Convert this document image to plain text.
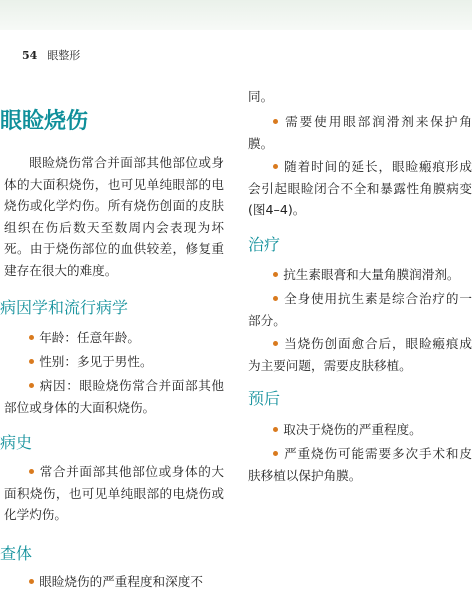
54 眼整形
眼睑烧伤
眼睑烧伤常合并面部其他部位或身体的大面积烧伤，也可见单纯眼部的电烧伤或化学灼伤。所有烧伤创面的皮肤组织在伤后数天至数周内会表现为坏死。由于烧伤部位的血供较差，修复重建存在很大的难度。
病因学和流行病学
年龄：任意年龄。
性别：多见于男性。
病因：眼睑烧伤常合并面部其他部位或身体的大面积烧伤。
病史
常合并面部其他部位或身体的大面积烧伤，也可见单纯眼部的电烧伤或化学灼伤。
查体
眼睑烧伤的严重程度和深度不
同。
需要使用眼部润滑剂来保护角膜。
随着时间的延长，眼睑瘢痕形成会引起眼睑闭合不全和暴露性角膜病变(图4–4)。
治疗
抗生素眼膏和大量角膜润滑剂。
全身使用抗生素是综合治疗的一部分。
当烧伤创面愈合后，眼睑瘢痕成为主要问题，需要皮肤移植。
预后
取决于烧伤的严重程度。
严重烧伤可能需要多次手术和皮肤移植以保护角膜。
